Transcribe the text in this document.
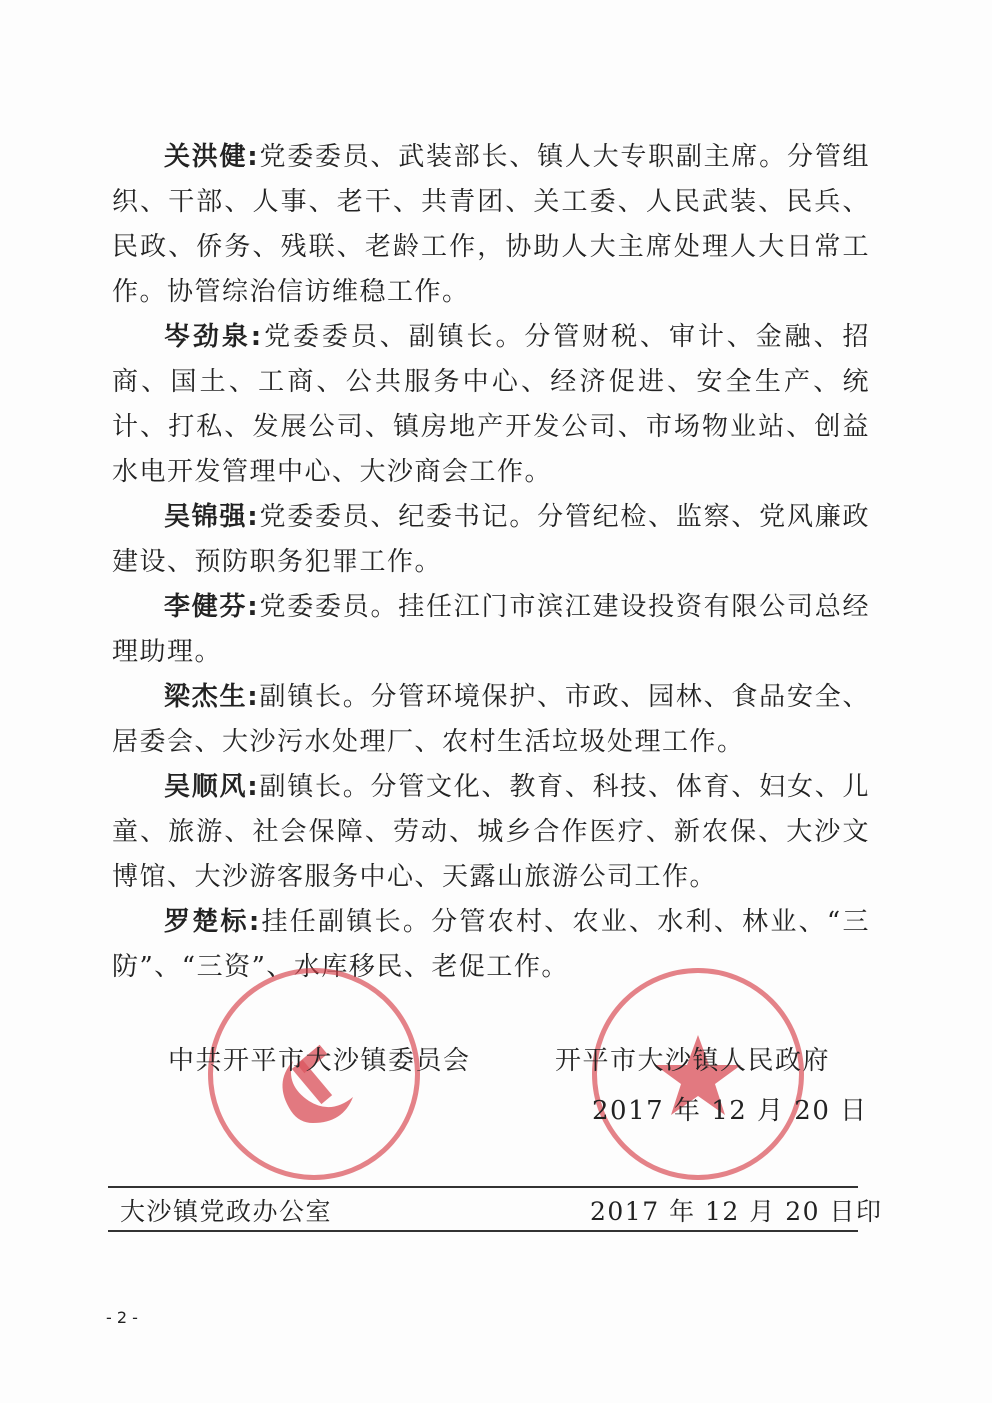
关洪健:党委委员、武装部长、镇人大专职副主席。分管组织、干部、人事、老干、共青团、关工委、人民武装、民兵、民政、侨务、残联、老龄工作，协助人大主席处理人大日常工作。协管综治信访维稳工作。

岑劲泉:党委委员、副镇长。分管财税、审计、金融、招商、国土、工商、公共服务中心、经济促进、安全生产、统计、打私、发展公司、镇房地产开发公司、市场物业站、创益水电开发管理中心、大沙商会工作。

吴锦强:党委委员、纪委书记。分管纪检、监察、党风廉政建设、预防职务犯罪工作。

李健芬:党委委员。挂任江门市滨江建设投资有限公司总经理助理。

梁杰生:副镇长。分管环境保护、市政、园林、食品安全、居委会、大沙污水处理厂、农村生活垃圾处理工作。

吴顺风:副镇长。分管文化、教育、科技、体育、妇女、儿童、旅游、社会保障、劳动、城乡合作医疗、新农保、大沙文博馆、大沙游客服务中心、天露山旅游公司工作。

罗楚标:挂任副镇长。分管农村、农业、水利、林业、“三防”、“三资”、水库移民、老促工作。

中共开平市大沙镇委员会	开平市大沙镇人民政府
2017 年 12 月 20 日
大沙镇党政办公室	2017 年 12 月 20 日印
- 2 -
